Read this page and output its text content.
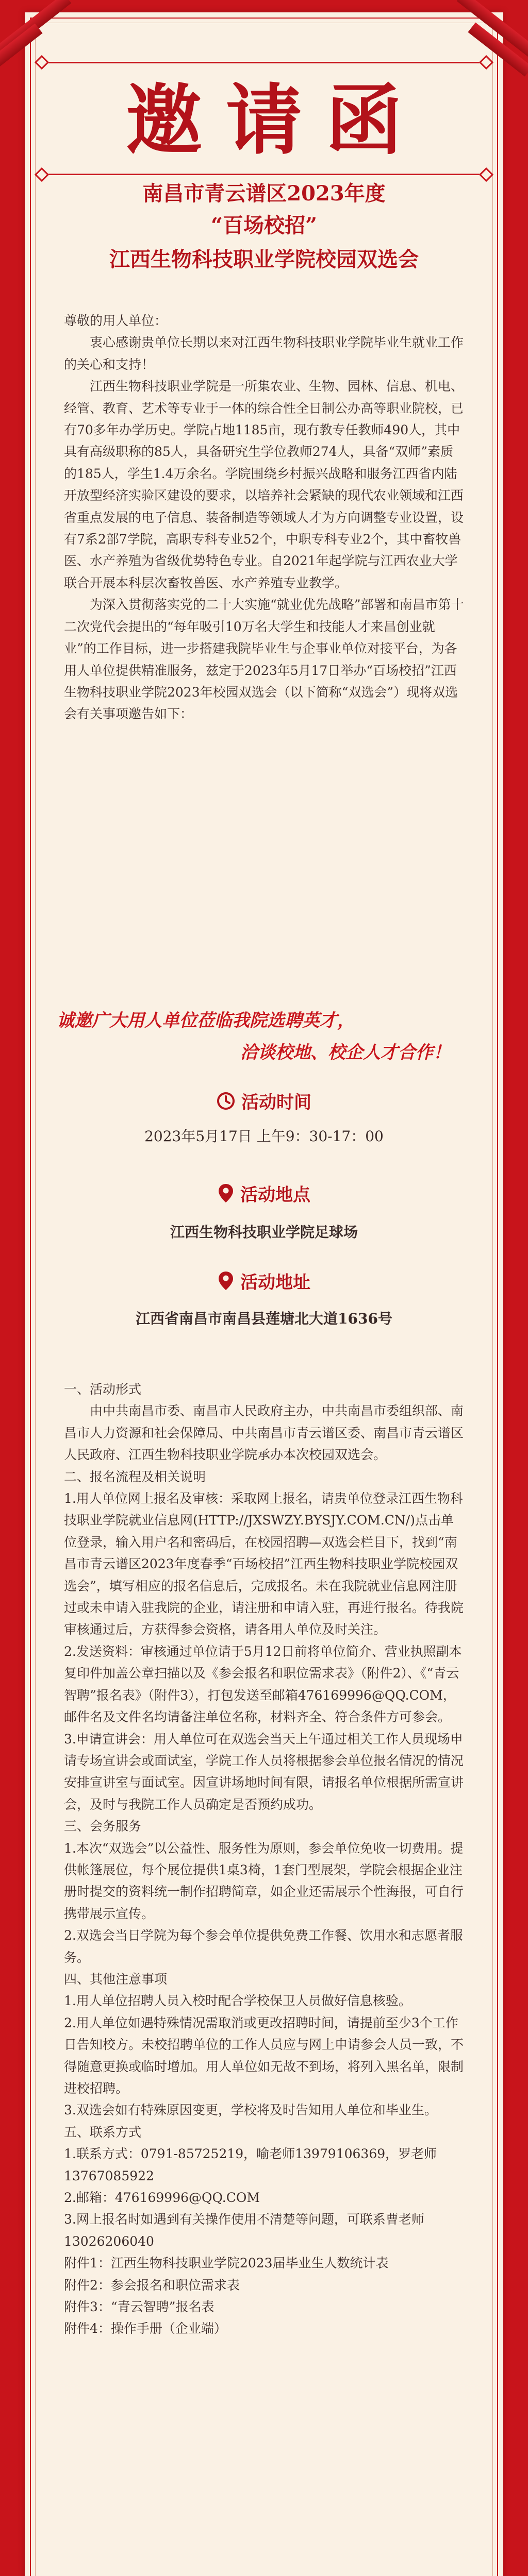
邀请函
南昌市青云谱区2023年度
“百场校招”
江西生物科技职业学院校园双选会

尊敬的用人单位：

衷心感谢贵单位长期以来对江西生物科技职业学院毕业生就业工作的关心和支持！

江西生物科技职业学院是一所集农业、生物、园林、信息、机电、经管、教育、艺术等专业于一体的综合性全日制公办高等职业院校，已有70多年办学历史。学院占地1185亩，现有教专任教师490人，其中具有高级职称的85人，具备研究生学位教师274人，具备“双师”素质的185人，学生1.4万余名。学院围绕乡村振兴战略和服务江西省内陆开放型经济实验区建设的要求，以培养社会紧缺的现代农业领域和江西省重点发展的电子信息、装备制造等领域人才为方向调整专业设置，设有7系2部7学院，高职专科专业52个，中职专科专业2个，其中畜牧兽医、水产养殖为省级优势特色专业。自2021年起学院与江西农业大学联合开展本科层次畜牧兽医、水产养殖专业教学。

为深入贯彻落实党的二十大实施“就业优先战略”部署和南昌市第十二次党代会提出的“每年吸引10万名大学生和技能人才来昌创业就业”的工作目标，进一步搭建我院毕业生与企事业单位对接平台，为各用人单位提供精准服务，兹定于2023年5月17日举办“百场校招”江西生物科技职业学院2023年校园双选会（以下简称“双选会”）现将双选会有关事项邀告如下：

诚邀广大用人单位莅临我院选聘英才，
洽谈校地、校企人才合作！
活动时间
2023年5月17日 上午9：30-17：00
活动地点
江西生物科技职业学院足球场
活动地址
江西省南昌市南昌县莲塘北大道1636号

一、活动形式

由中共南昌市委、南昌市人民政府主办，中共南昌市委组织部、南昌市人力资源和社会保障局、中共南昌市青云谱区委、南昌市青云谱区人民政府、江西生物科技职业学院承办本次校园双选会。

二、报名流程及相关说明

1.用人单位网上报名及审核：采取网上报名，请贵单位登录江西生物科技职业学院就业信息网(HTTP://JXSWZY.BYSJY.COM.CN/)点击单位登录，输入用户名和密码后，在校园招聘—双选会栏目下，找到“南昌市青云谱区2023年度春季“百场校招”江西生物科技职业学院校园双选会”，填写相应的报名信息后，完成报名。未在我院就业信息网注册过或未申请入驻我院的企业，请注册和申请入驻，再进行报名。待我院审核通过后，方获得参会资格，请各用人单位及时关注。

2.发送资料：审核通过单位请于5月12日前将单位简介、营业执照副本复印件加盖公章扫描以及《参会报名和职位需求表》（附件2）、《“青云智聘”报名表》（附件3），打包发送至邮箱476169996@QQ.COM，邮件名及文件名均请备注单位名称，材料齐全、符合条件方可参会。

3.申请宣讲会：用人单位可在双选会当天上午通过相关工作人员现场申请专场宣讲会或面试室，学院工作人员将根据参会单位报名情况的情况安排宣讲室与面试室。因宣讲场地时间有限，请报名单位根据所需宣讲会，及时与我院工作人员确定是否预约成功。

三、会务服务

1.本次“双选会”以公益性、服务性为原则，参会单位免收一切费用。提供帐篷展位，每个展位提供1桌3椅，1套门型展架，学院会根据企业注册时提交的资料统一制作招聘简章，如企业还需展示个性海报，可自行携带展示宣传。

2.双选会当日学院为每个参会单位提供免费工作餐、饮用水和志愿者服务。

四、其他注意事项

1.用人单位招聘人员入校时配合学校保卫人员做好信息核验。

2.用人单位如遇特殊情况需取消或更改招聘时间，请提前至少3个工作日告知校方。未校招聘单位的工作人员应与网上申请参会人员一致，不得随意更换或临时增加。用人单位如无故不到场，将列入黑名单，限制进校招聘。

3.双选会如有特殊原因变更，学校将及时告知用人单位和毕业生。

五、联系方式

1.联系方式：0791-85725219，喻老师13979106369，罗老师13767085922

2.邮箱：476169996@QQ.COM

3.网上报名时如遇到有关操作使用不清楚等问题，可联系曹老师13026206040

附件1：江西生物科技职业学院2023届毕业生人数统计表

附件2：参会报名和职位需求表

附件3：“青云智聘”报名表

附件4：操作手册（企业端）
